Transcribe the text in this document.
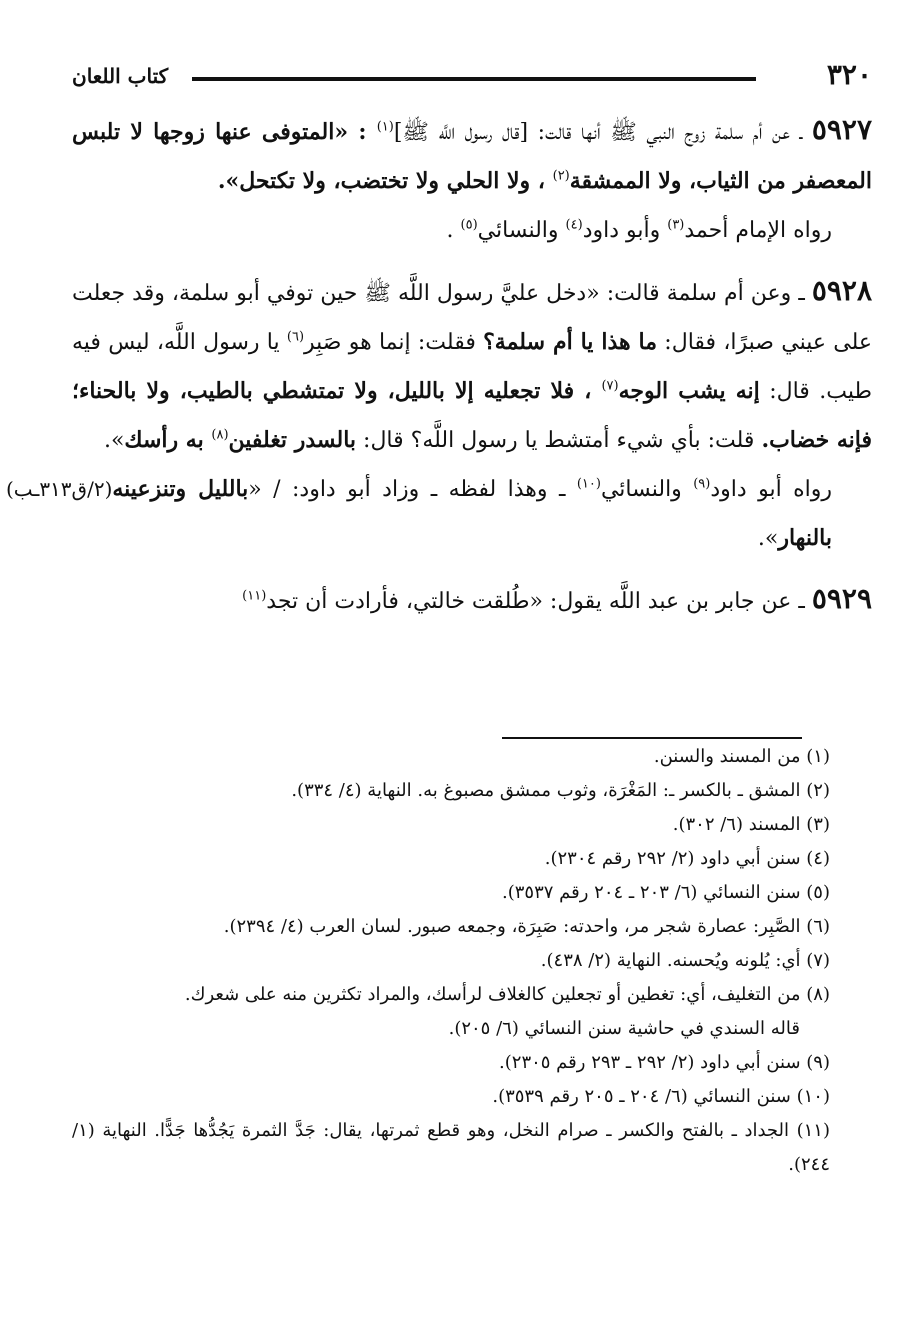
٣٢٠
كتاب اللعان

٥٩٢٧ ـ عن أم سلمة زوج النبي ﷺ أنها قالت: [قال رسول اللَّه ﷺ]$^{(١)}$ : «المتوفى عنها زوجها لا تلبس المعصفر من الثياب، ولا الممشقة$^{(٢)}$ ، ولا الحلي ولا تختضب، ولا تكتحل».

رواه الإمام أحمد$^{(٣)}$ وأبو داود$^{(٤)}$ والنسائي$^{(٥)}$ .

٥٩٢٨ ـ وعن أم سلمة قالت: «دخل عليَّ رسول اللَّه ﷺ حين توفي أبو سلمة، وقد جعلت على عيني صبرًا، فقال: ما هذا يا أم سلمة؟ فقلت: إنما هو صَبِر$^{(٦)}$ يا رسول اللَّه، ليس فيه طيب. قال: إنه يشب الوجه$^{(٧)}$ ، فلا تجعليه إلا بالليل، ولا تمتشطي بالطيب، ولا بالحناء؛ فإنه خضاب. قلت: بأي شيء أمتشط يا رسول اللَّه؟ قال: بالسدر تغلفين$^{(٨)}$ به رأسك».

(٢/ق٣١٣ـب)	رواه أبو داود$^{(٩)}$ والنسائي$^{(١٠)}$ ـ وهذا لفظه ـ وزاد أبو داود: / «بالليل وتنزعينه بالنهار».

٥٩٢٩ ـ عن جابر بن عبد اللَّه يقول: «طُلقت خالتي، فأرادت أن تجد$^{(١١)}$

(١) من المسند والسنن.

(٢) المشق ـ بالكسر ـ: المَغْرَة، وثوب ممشق مصبوغ به. النهاية (٤/ ٣٣٤).

(٣) المسند (٦/ ٣٠٢).

(٤) سنن أبي داود (٢/ ٢٩٢ رقم ٢٣٠٤).

(٥) سنن النسائي (٦/ ٢٠٣ ـ ٢٠٤ رقم ٣٥٣٧).

(٦) الصَّبِر: عصارة شجر مر، واحدته: صَبِرَة، وجمعه صبور. لسان العرب (٤/ ٢٣٩٤).

(٧) أي: يُلونه ويُحسنه. النهاية (٢/ ٤٣٨).

(٨) من التغليف، أي: تغطين أو تجعلين كالغلاف لرأسك، والمراد تكثرين منه على شعرك.

قاله السندي في حاشية سنن النسائي (٦/ ٢٠٥).

(٩) سنن أبي داود (٢/ ٢٩٢ ـ ٢٩٣ رقم ٢٣٠٥).

(١٠) سنن النسائي (٦/ ٢٠٤ ـ ٢٠٥ رقم ٣٥٣٩).

(١١) الجداد ـ بالفتح والكسر ـ صرام النخل، وهو قطع ثمرتها، يقال: جَدَّ الثمرة يَجُدُّها جَدًّا. النهاية (١/ ٢٤٤).
